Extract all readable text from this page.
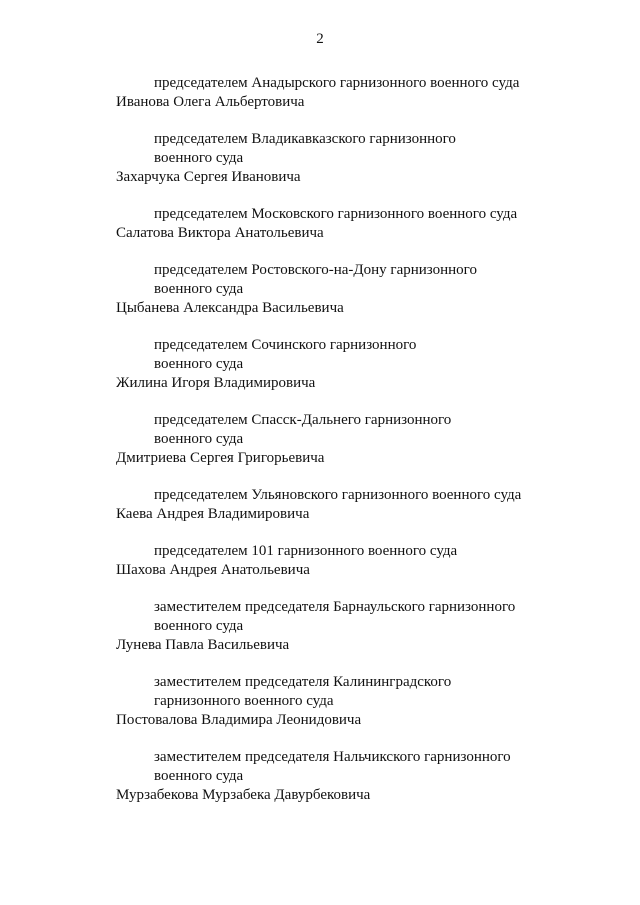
2
председателем Анадырского гарнизонного военного суда
Иванова Олега Альбертовича
председателем Владикавказского гарнизонного
военного суда
Захарчука Сергея Ивановича
председателем Московского гарнизонного военного суда
Салатова Виктора Анатольевича
председателем Ростовского-на-Дону гарнизонного
военного суда
Цыбанева Александра Васильевича
председателем Сочинского гарнизонного
военного суда
Жилина Игоря Владимировича
председателем Спасск-Дальнего гарнизонного
военного суда
Дмитриева Сергея Григорьевича
председателем Ульяновского гарнизонного военного суда
Каева Андрея Владимировича
председателем 101 гарнизонного военного суда
Шахова Андрея Анатольевича
заместителем председателя Барнаульского гарнизонного
военного суда
Лунева Павла Васильевича
заместителем председателя Калининградского
гарнизонного военного суда
Постовалова Владимира Леонидовича
заместителем председателя Нальчикского гарнизонного
военного суда
Мурзабекова Мурзабека Давурбековича
